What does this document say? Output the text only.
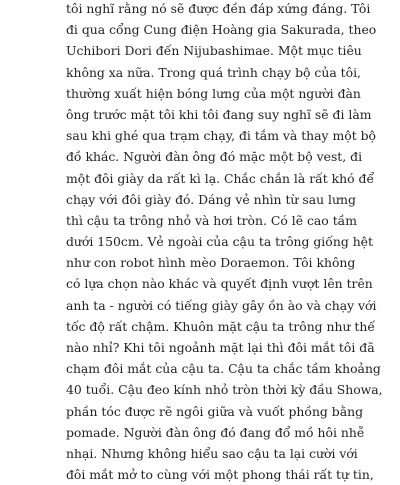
tôi nghĩ rằng nó sẽ được đền đáp xứng đáng. Tôi
đi qua cổng Cung điện Hoàng gia Sakurada, theo
Uchibori Dori đến Nijubashimae. Một mục tiêu
không xa nữa. Trong quá trình chạy bộ của tôi,
thường xuất hiện bóng lưng của một người đàn
ông trước mặt tôi khi tôi đang suy nghĩ sẽ đi làm
sau khi ghé qua trạm chạy, đi tắm và thay một bộ
đồ khác. Người đàn ông đó mặc một bộ vest, đi
một đôi giày da rất kì lạ. Chắc chắn là rất khó để
chạy với đôi giày đó. Dáng vẻ nhìn từ sau lưng
thì cậu ta trông nhỏ và hơi tròn. Có lẽ cao tầm
dưới 150cm. Vẻ ngoài của cậu ta trông giống hệt
như con robot hình mèo Doraemon. Tôi không
có lựa chọn nào khác và quyết định vượt lên trên
anh ta - người có tiếng giày gây ồn ào và chạy với
tốc độ rất chậm. Khuôn mặt cậu ta trông như thế
nào nhỉ? Khi tôi ngoảnh mặt lại thì đôi mắt tôi đã
chạm đôi mắt của cậu ta. Cậu ta chắc tầm khoảng
40 tuổi. Cậu đeo kính nhỏ tròn thời kỳ đầu Showa,
phần tóc được rẽ ngôi giữa và vuốt phồng bằng
pomade. Người đàn ông đó đang đổ mồ hôi nhễ
nhại. Nhưng không hiểu sao cậu ta lại cười với
đôi mắt mở to cùng với một phong thái rất tự tin,
